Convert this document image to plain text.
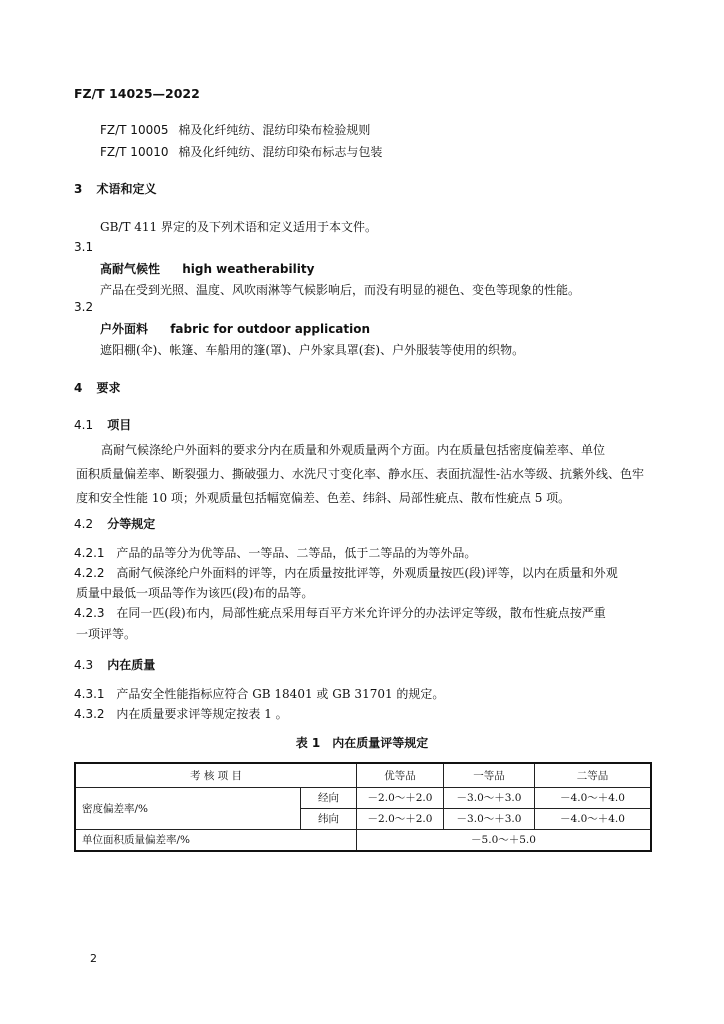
FZ/T 14025—2022
FZ/T 10005 棉及化纤纯纺、混纺印染布检验规则
FZ/T 10010 棉及化纤纯纺、混纺印染布标志与包装
3 术语和定义
GB/T 411 界定的及下列术语和定义适用于本文件。
3.1
高耐气候性 high weatherability
产品在受到光照、温度、风吹雨淋等气候影响后，而没有明显的褪色、变色等现象的性能。
3.2
户外面料 fabric for outdoor application
遮阳棚(伞)、帐篷、车船用的篷(罩)、户外家具罩(套)、户外服装等使用的织物。
4 要求
4.1 项目
高耐气候涤纶户外面料的要求分内在质量和外观质量两个方面。内在质量包括密度偏差率、单位
面积质量偏差率、断裂强力、撕破强力、水洗尺寸变化率、静水压、表面抗湿性-沾水等级、抗紫外线、色牢
度和安全性能 10 项；外观质量包括幅宽偏差、色差、纬斜、局部性疵点、散布性疵点 5 项。
4.2 分等规定
4.2.1 产品的品等分为优等品、一等品、二等品，低于二等品的为等外品。
4.2.2 高耐气候涤纶户外面料的评等，内在质量按批评等，外观质量按匹(段)评等，以内在质量和外观
质量中最低一项品等作为该匹(段)布的品等。
4.2.3 在同一匹(段)布内，局部性疵点采用每百平方米允许评分的办法评定等级，散布性疵点按严重
一项评等。
4.3 内在质量
4.3.1 产品安全性能指标应符合 GB 18401 或 GB 31701 的规定。
4.3.2 内在质量要求评等规定按表 1 。
表 1　内在质量评等规定
考 核 项 目		优等品	一等品	二等品
密度偏差率/%	经向	－2.0～＋2.0	－3.0～＋3.0	－4.0～＋4.0
	纬向	－2.0～＋2.0	－3.0～＋3.0	－4.0～＋4.0
单位面积质量偏差率/%		－5.0～＋5.0		
2
